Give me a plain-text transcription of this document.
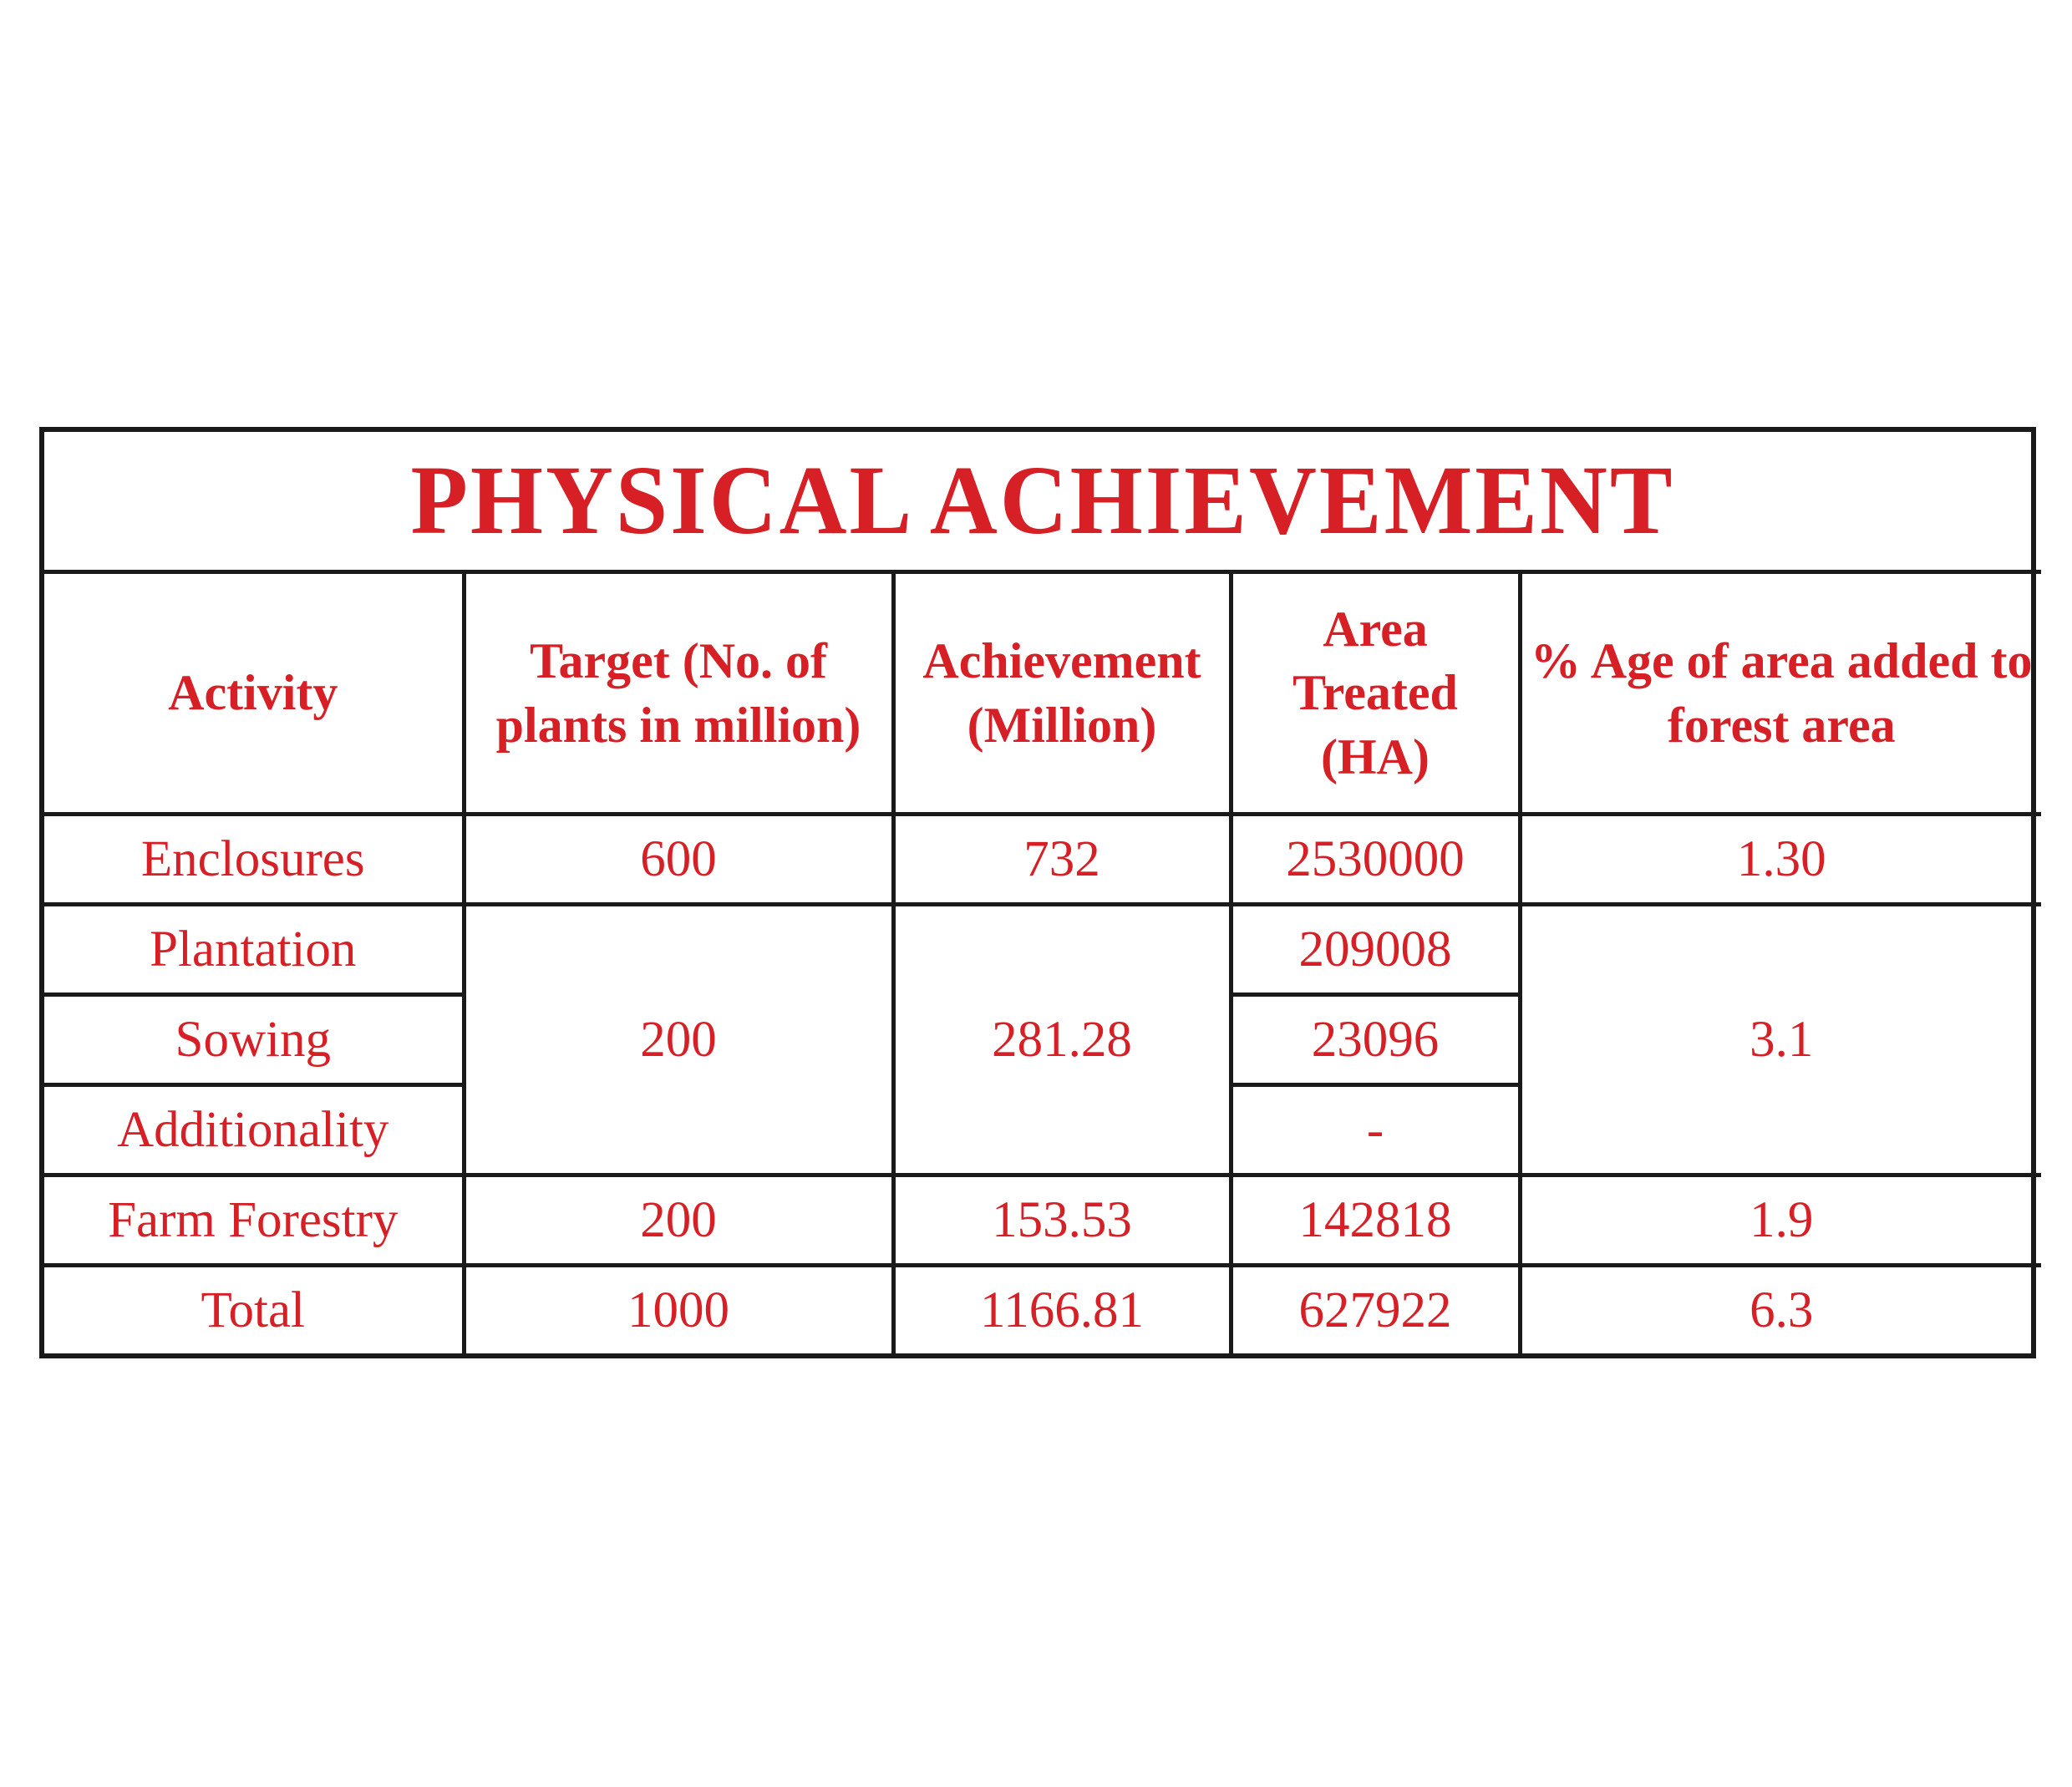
PHYSICAL ACHIEVEMENT				
Activity	Target (No. of plants in million)	Achievement (Million)	Area Treated (HA)	% Age of area added to forest area
Enclosures	600	732	2530000	1.30
Plantation	200	281.28	209008	3.1
Sowing			23096	
Additionality			-	
Farm Forestry	200	153.53	142818	1.9
Total	1000	1166.81	627922	6.3
